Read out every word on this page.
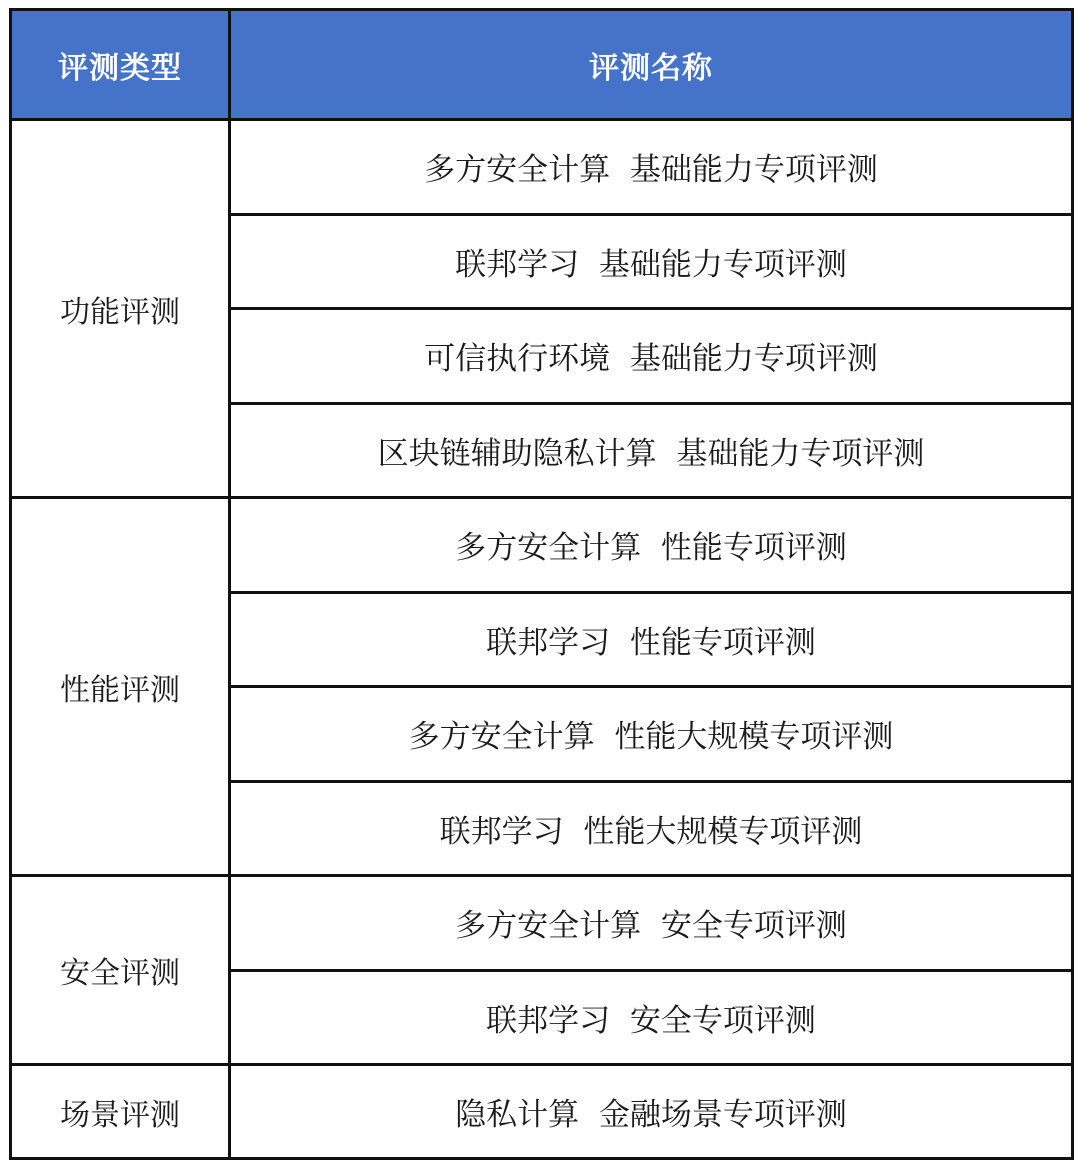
评测类型	评测名称
功能评测	多方安全计算  基础能力专项评测
	联邦学习  基础能力专项评测
	可信执行环境  基础能力专项评测
	区块链辅助隐私计算  基础能力专项评测
性能评测	多方安全计算  性能专项评测
	联邦学习  性能专项评测
	多方安全计算  性能大规模专项评测
	联邦学习  性能大规模专项评测
安全评测	多方安全计算  安全专项评测
	联邦学习  安全专项评测
场景评测	隐私计算  金融场景专项评测
